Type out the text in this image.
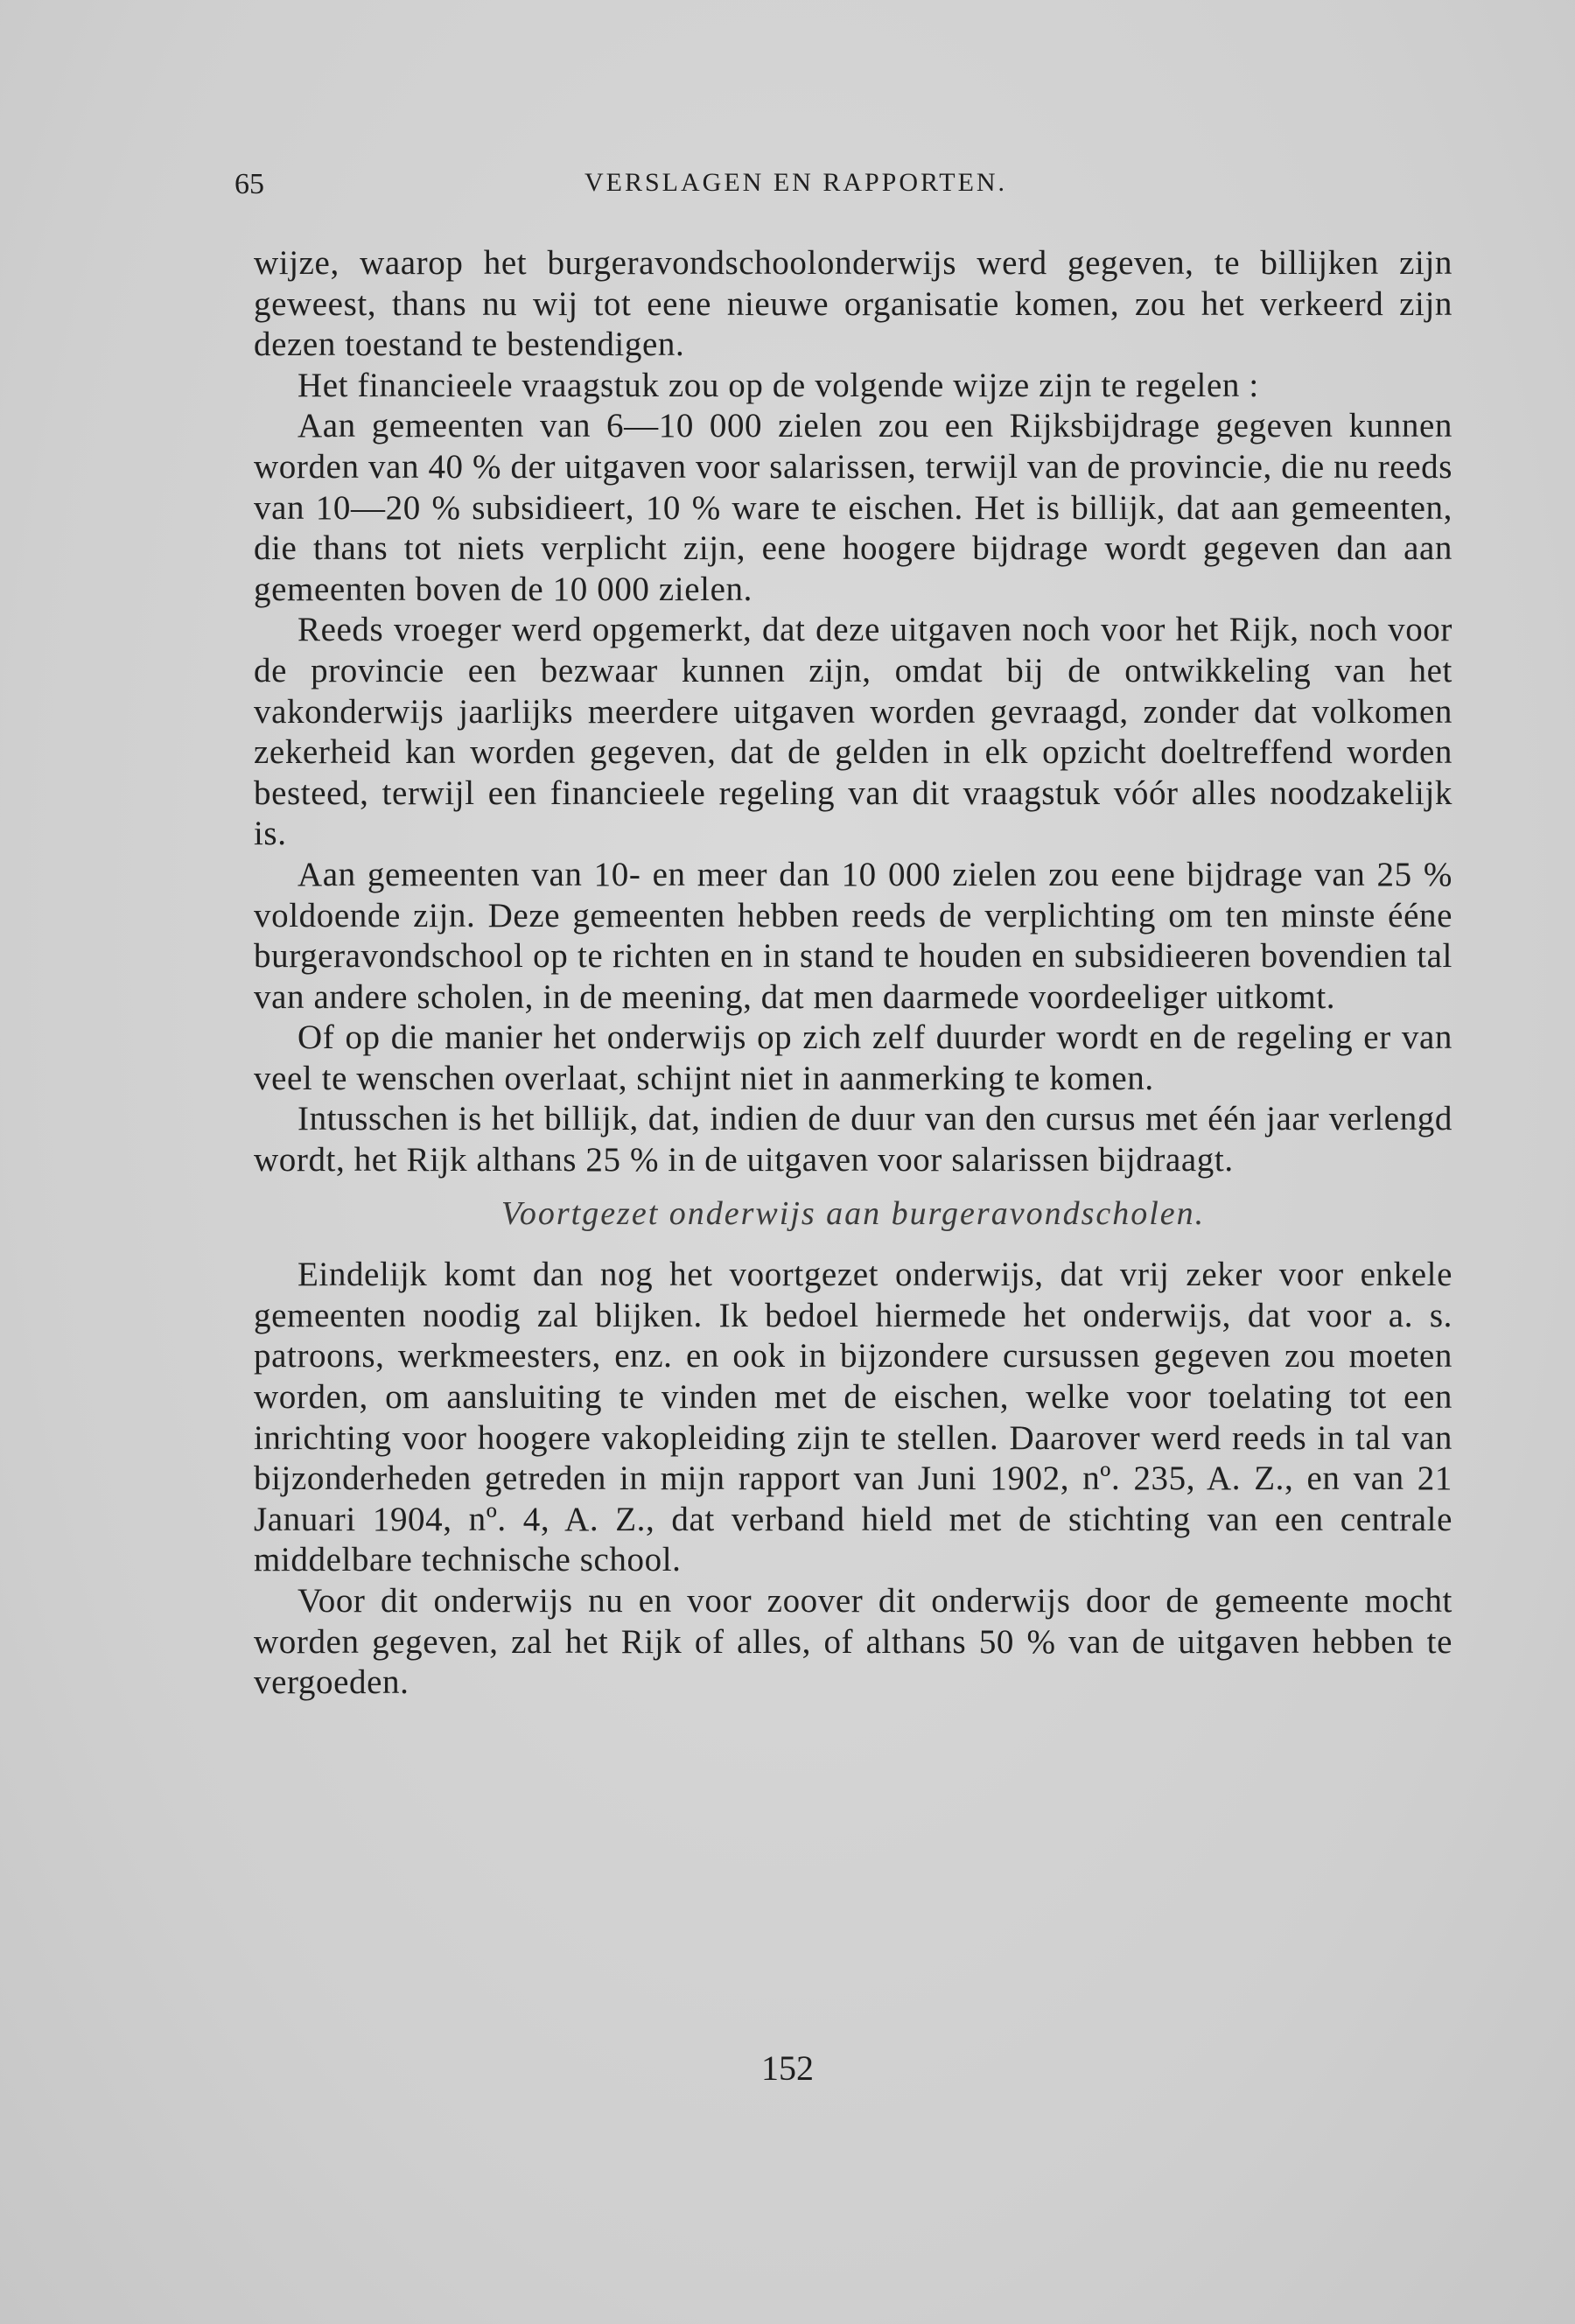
65	VERSLAGEN EN RAPPORTEN.

wijze, waarop het burgeravondschoolonderwijs werd gegeven, te billijken zijn geweest, thans nu wij tot eene nieuwe organisatie komen, zou het verkeerd zijn dezen toestand te bestendigen.

Het financieele vraagstuk zou op de volgende wijze zijn te regelen :

Aan gemeenten van 6—10 000 zielen zou een Rijksbijdrage gegeven kunnen worden van 40 % der uitgaven voor salarissen, terwijl van de provincie, die nu reeds van 10—20 % subsidieert, 10 % ware te eischen. Het is billijk, dat aan gemeenten, die thans tot niets verplicht zijn, eene hoogere bijdrage wordt gegeven dan aan gemeenten boven de 10 000 zielen.

Reeds vroeger werd opgemerkt, dat deze uitgaven noch voor het Rijk, noch voor de provincie een bezwaar kunnen zijn, omdat bij de ontwikkeling van het vakonderwijs jaarlijks meerdere uitgaven worden gevraagd, zonder dat volkomen zekerheid kan worden gegeven, dat de gelden in elk opzicht doeltreffend worden besteed, terwijl een financieele regeling van dit vraagstuk vóór alles noodzakelijk is.

Aan gemeenten van 10- en meer dan 10 000 zielen zou eene bijdrage van 25 % voldoende zijn. Deze gemeenten hebben reeds de verplichting om ten minste ééne burgeravondschool op te richten en in stand te houden en subsidieeren bovendien tal van andere scholen, in de meening, dat men daarmede voordeeliger uitkomt.

Of op die manier het onderwijs op zich zelf duurder wordt en de regeling er van veel te wenschen overlaat, schijnt niet in aanmerking te komen.

Intusschen is het billijk, dat, indien de duur van den cursus met één jaar verlengd wordt, het Rijk althans 25 % in de uitgaven voor salarissen bijdraagt.

Voortgezet onderwijs aan burgeravondscholen.

Eindelijk komt dan nog het voortgezet onderwijs, dat vrij zeker voor enkele gemeenten noodig zal blijken. Ik bedoel hiermede het onderwijs, dat voor a. s. patroons, werkmeesters, enz. en ook in bijzondere cursussen gegeven zou moeten worden, om aansluiting te vinden met de eischen, welke voor toelating tot een inrichting voor hoogere vakopleiding zijn te stellen. Daarover werd reeds in tal van bijzonderheden getreden in mijn rapport van Juni 1902, nº. 235, A. Z., en van 21 Januari 1904, nº. 4, A. Z., dat verband hield met de stichting van een centrale middelbare technische school.

Voor dit onderwijs nu en voor zoover dit onderwijs door de gemeente mocht worden gegeven, zal het Rijk of alles, of althans 50 % van de uitgaven hebben te vergoeden.

152
